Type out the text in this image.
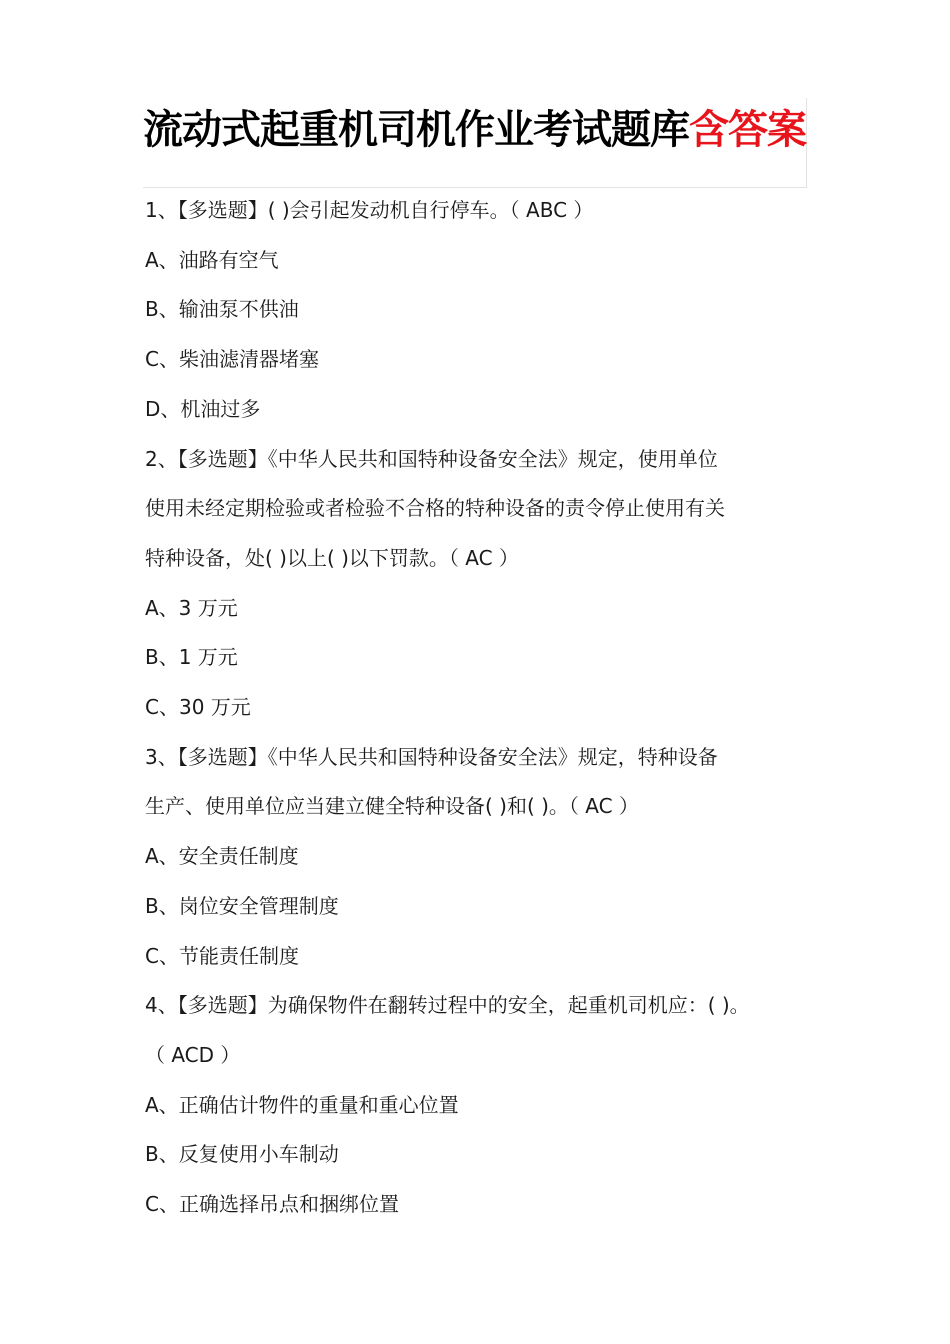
流动式起重机司机作业考试题库含答案
1、【多选题】( )会引起发动机自行停车。（ ABC ）
A、油路有空气
B、输油泵不供油
C、柴油滤清器堵塞
D、机油过多
2、【多选题】《中华人民共和国特种设备安全法》规定，使用单位
使用未经定期检验或者检验不合格的特种设备的责令停止使用有关
特种设备，处( )以上( )以下罚款。（ AC ）
A、3 万元
B、1 万元
C、30 万元
3、【多选题】《中华人民共和国特种设备安全法》规定，特种设备
生产、使用单位应当建立健全特种设备( )和( )。（ AC ）
A、安全责任制度
B、岗位安全管理制度
C、节能责任制度
4、【多选题】为确保物件在翻转过程中的安全，起重机司机应：( )。
（ ACD ）
A、正确估计物件的重量和重心位置
B、反复使用小车制动
C、正确选择吊点和捆绑位置
